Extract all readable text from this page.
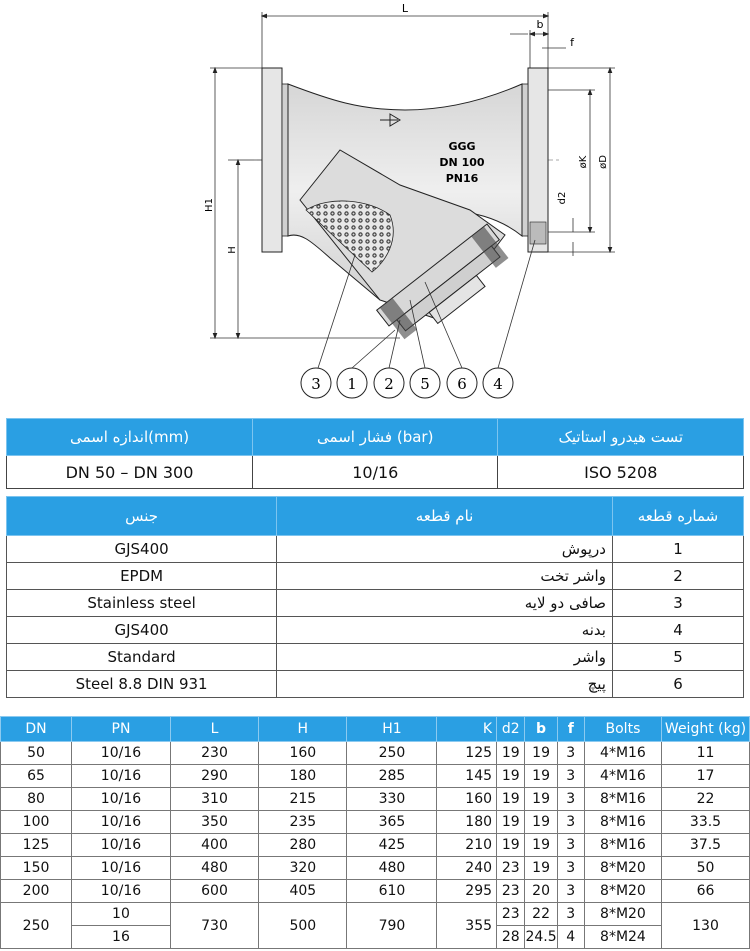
L
b
f
H1
H
øK øD
d2
GGG
DN 100
PN16
3 1 2 5 6 4
اندازه اسمی(mm)	فشار اسمی (bar)	تست هیدرو استاتیک
DN 50 – DN 300	10/16	ISO 5208
جنس	نام قطعه	شماره قطعه
GJS400	درپوش	1
EPDM	واشر تخت	2
Stainless steel	صافی دو لایه	3
GJS400	بدنه	4
Standard	واشر	5
Steel 8.8 DIN 931	پیچ	6
DN	PN	L	H	H1	K	d2	b	f	Bolts	Weight (kg)
50	10/16	230	160	250	125	19	19	3	4*M16	11
65	10/16	290	180	285	145	19	19	3	4*M16	17
80	10/16	310	215	330	160	19	19	3	8*M16	22
100	10/16	350	235	365	180	19	19	3	8*M16	33.5
125	10/16	400	280	425	210	19	19	3	8*M16	37.5
150	10/16	480	320	480	240	23	19	3	8*M20	50
200	10/16	600	405	610	295	23	20	3	8*M20	66
250	10	730	500	790	355	23	22	3	8*M20	130
	16					28	24.5	4	8*M24	
